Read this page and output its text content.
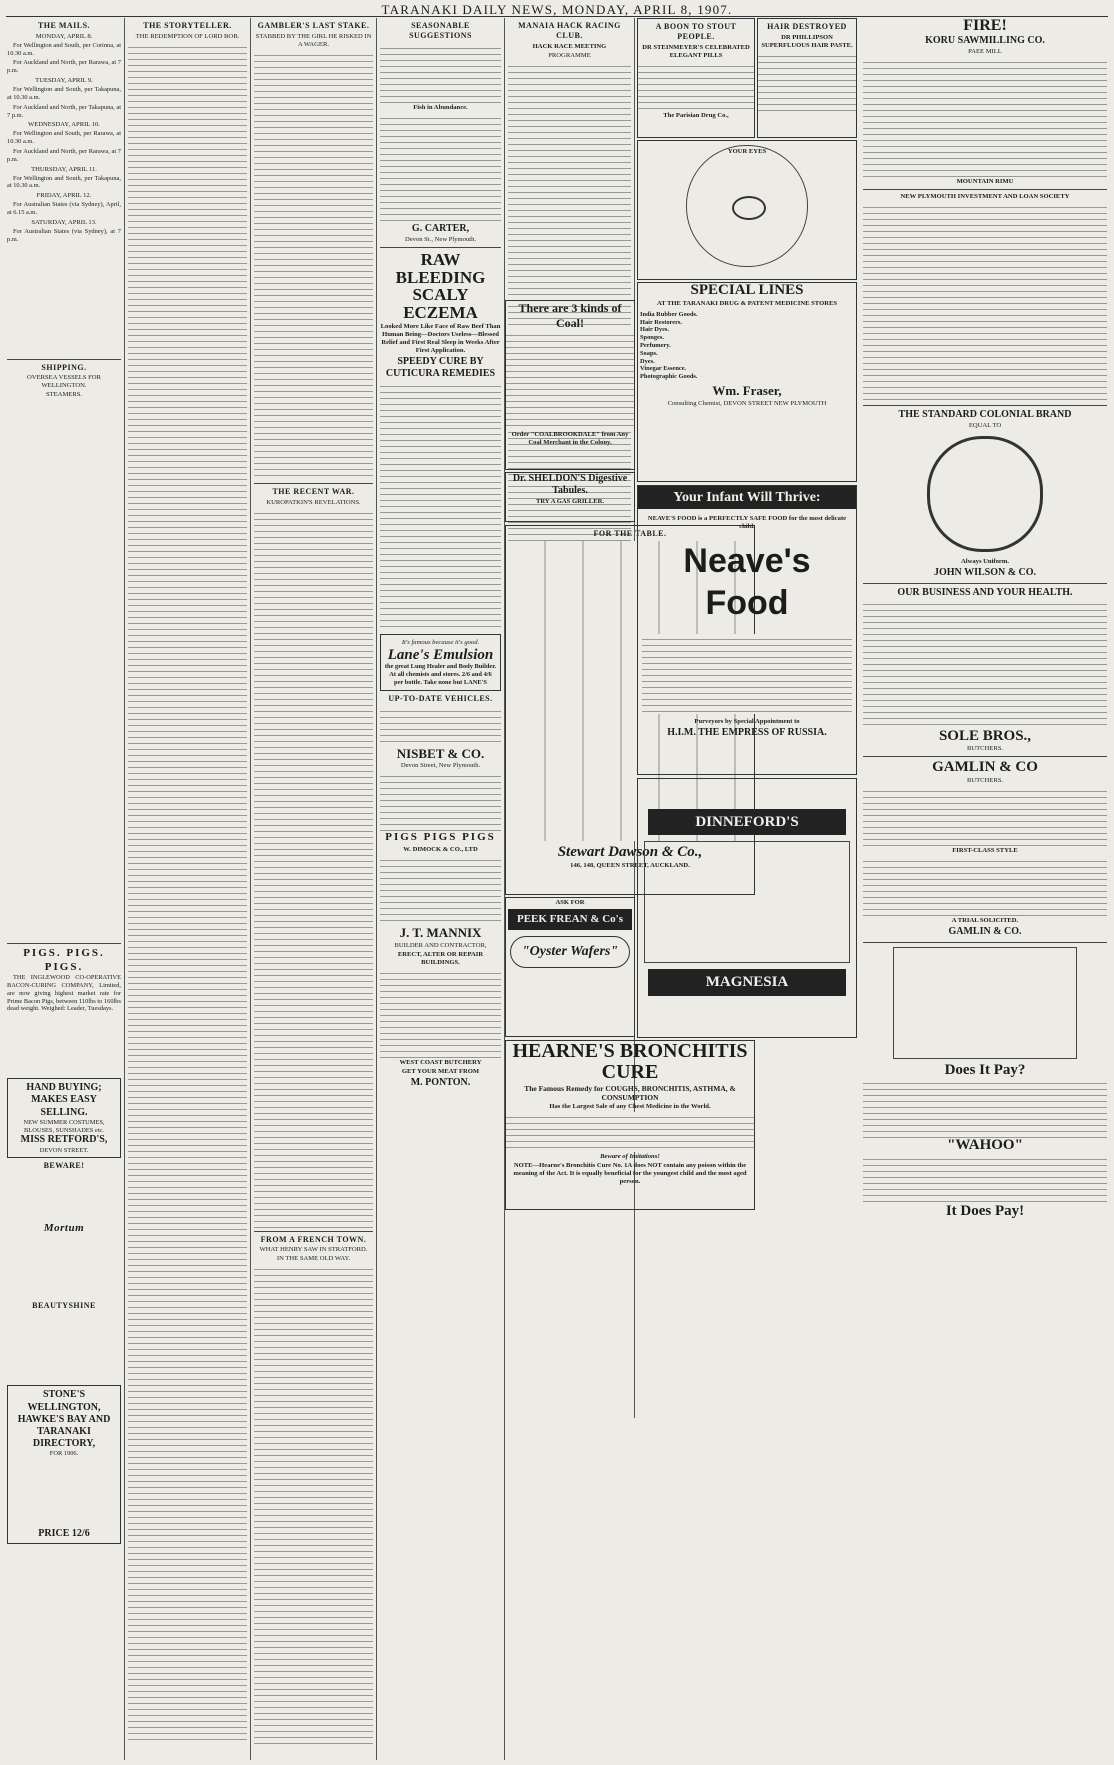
TARANAKI DAILY NEWS, MONDAY, APRIL 8, 1907.
THE MAILS.
MONDAY, APRIL 8.
For Wellington and South, per Corinna, at 10.30 a.m.
For Auckland and North, per Rarawa, at 7 p.m.
TUESDAY, APRIL 9.
For Wellington and South, per Takapuna, at 10.30 a.m.
For Auckland and North, per Takapuna, at 7 p.m.
WEDNESDAY, APRIL 10.
For Wellington and South, per Rarawa, at 10.30 a.m.
For Auckland and North, per Rarawa, at 7 p.m.
THURSDAY, APRIL 11.
For Wellington and South, per Takapuna, at 10.30 a.m.
FRIDAY, APRIL 12.
For Australian States (via Sydney), April, at 6.15 a.m.
SATURDAY, APRIL 13.
For Australian States (via Sydney), at 7 p.m.
SHIPPING.
OVERSEA VESSELS FOR WELLINGTON.
STEAMERS.
PIGS. PIGS. PIGS.
THE INGLEWOOD CO-OPERATIVE BACON-CURING COMPANY, Limited, are now giving highest market rate for Prime Bacon Pigs, between 110lbs to 160lbs dead weight. Weighed: Leader, Tuesdays.
HAND BUYING; MAKES EASY SELLING.
NEW SUMMER COSTUMES, BLOUSES, SUNSHADES etc.
MISS RETFORD'S,
DEVON STREET.
BEWARE!
Mortum
BEAUTYSHINE
STONE'S
WELLINGTON, HAWKE'S BAY AND TARANAKI DIRECTORY,
FOR 1906.
PRICE 12/6
THE STORYTELLER.
THE REDEMPTION OF LORD BOB.
GAMBLER'S LAST STAKE.
STABBED BY THE GIRL HE RISKED IN A WAGER.
THE RECENT WAR.
KUROPATKIN'S REVELATIONS.
FROM A FRENCH TOWN.
WHAT HENRY SAW IN STRATFORD.
IN THE SAME OLD WAY.
SEASONABLE SUGGESTIONS
Fish in Abundance.
G. CARTER,
Devon St., New Plymouth.
RAW BLEEDING SCALY ECZEMA
Looked More Like Face of Raw Beef Than Human Being—Doctors Useless—Blessed Relief and First Real Sleep in Weeks After First Application.
SPEEDY CURE BY CUTICURA REMEDIES
It's famous because it's good.
Lane's Emulsion
the great Lung Healer and Body Builder. At all chemists and stores. 2/6 and 4/6 per bottle. Take none but LANE'S
UP-TO-DATE VEHICLES.
NISBET & CO.
Devon Street, New Plymouth.
PIGS PIGS PIGS
W. DIMOCK & CO., LTD
J. T. MANNIX
BUILDER AND CONTRACTOR,
ERECT, ALTER OR REPAIR BUILDINGS.
WEST COAST BUTCHERY
GET YOUR MEAT FROM
M. PONTON.
MANAIA HACK RACING CLUB.
HACK RACE MEETING
PROGRAMME
There are 3 kinds of Coal!
Order "COALBROOKDALE" from Any Coal Merchant in the Colony.
Dr. SHELDON'S Digestive Tabules.
TRY A GAS GRILLER.
FOR THE TABLE.
Stewart Dawson & Co.,
146, 148, QUEEN STREET, AUCKLAND.
ASK FOR
PEEK FREAN & Co's
"Oyster Wafers"
HEARNE'S BRONCHITIS CURE
The Famous Remedy for COUGHS, BRONCHITIS, ASTHMA, & CONSUMPTION
Has the Largest Sale of any Chest Medicine in the World.
Beware of Imitations!
NOTE—Hearne's Bronchitis Cure No. 1A does NOT contain any poison within the meaning of the Act. It is equally beneficial for the youngest child and the most aged person.
A BOON TO STOUT PEOPLE.
DR STEINMEYER'S CELEBRATED ELEGANT PILLS
The Parisian Drug Co.,
HAIR DESTROYED
DR PHILLIPSON SUPERFLUOUS HAIR PASTE.
YOUR EYES
SPECIAL LINES
AT THE TARANAKI DRUG & PATENT MEDICINE STORES
India Rubber Goods.
Hair Restorers.
Hair Dyes.
Sponges.
Perfumery.
Soaps.
Dyes.
Vinegar Essence.
Photographic Goods.
Wm. Fraser,
Consulting Chemist, DEVON STREET NEW PLYMOUTH
Your Infant Will Thrive:
NEAVE'S FOOD is a PERFECTLY SAFE FOOD for the most delicate child.
Neave's Food
Purveyors by Special Appointment to
H.I.M. THE EMPRESS OF RUSSIA.
DINNEFORD'S
MAGNESIA
FIRE!
KORU SAWMILLING CO.
PAEE MILL
MOUNTAIN RIMU
NEW PLYMOUTH INVESTMENT AND LOAN SOCIETY
THE STANDARD COLONIAL BRAND
EQUAL TO
Always Uniform.
JOHN WILSON & CO.
OUR BUSINESS AND YOUR HEALTH.
SOLE BROS.,
BUTCHERS.
GAMLIN & CO
BUTCHERS.
FIRST-CLASS STYLE
A TRIAL SOLICITED.
GAMLIN & CO.
Does It Pay?
"WAHOO"
It Does Pay!
